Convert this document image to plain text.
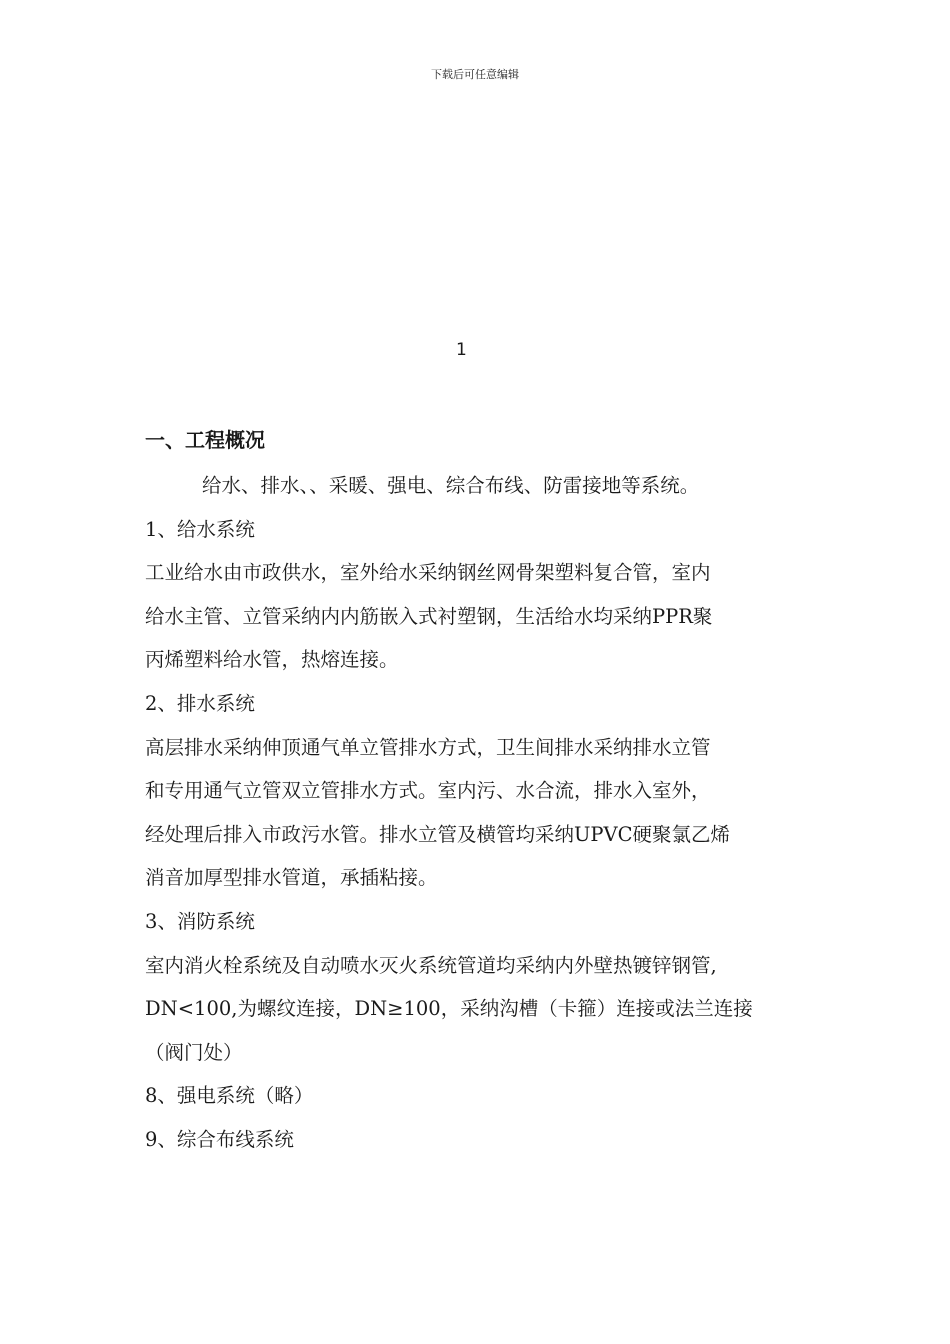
下载后可任意编辑
1
一、工程概况
给水、排水、、采暖、强电、综合布线、防雷接地等系统。
1、给水系统
工业给水由市政供水，室外给水采纳钢丝网骨架塑料复合管，室内
给水主管、立管采纳内内筋嵌入式衬塑钢，生活给水均采纳PPR聚
丙烯塑料给水管，热熔连接。
2、排水系统
高层排水采纳伸顶通气单立管排水方式，卫生间排水采纳排水立管
和专用通气立管双立管排水方式。室内污、水合流，排水入室外，
经处理后排入市政污水管。排水立管及横管均采纳UPVC硬聚氯乙烯
消音加厚型排水管道，承插粘接。
3、消防系统
室内消火栓系统及自动喷水灭火系统管道均采纳内外壁热镀锌钢管,
DN<100,为螺纹连接，DN≥100，采纳沟槽（卡箍）连接或法兰连接
（阀门处）
8、强电系统（略）
9、综合布线系统
